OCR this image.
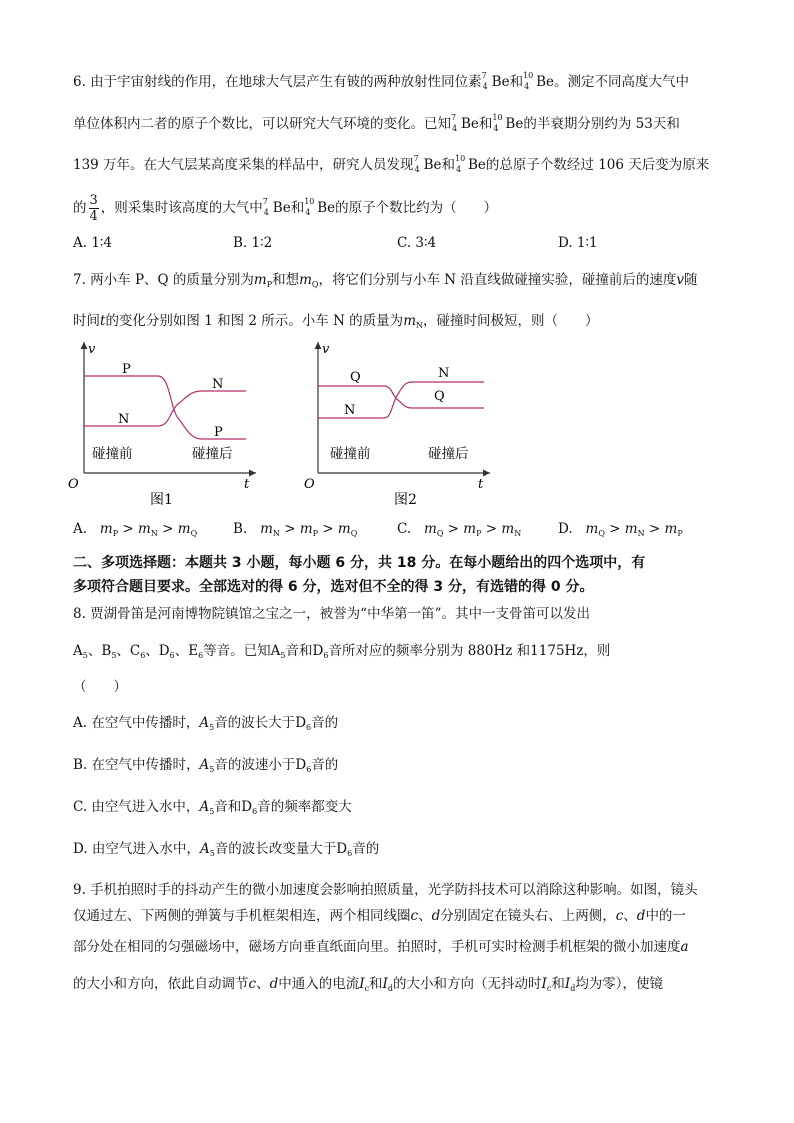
6. 由于宇宙射线的作用，在地球大气层产生有铍的两种放射性同位素 7
4 Be和 10
4 Be。测定不同高度大气中
单位体积内二者的原子个数比，可以研究大气环境的变化。已知 7
4 Be和 10
4 Be的半衰期分别约为 53天和
139 万年。在大气层某高度采集的样品中，研究人员发现 7
4 Be和 10
4 Be的总原子个数经过 106 天后变为原来
的 $\frac{3}{4}$ ，则采集时该高度的大气中 7
4 Be和 10
4 Be的原子个数比约为（　　）
A. 1∶4	B. 1∶2	C. 3∶4	D. 1∶1
7. 两小车 P、Q 的质量分别为$m_P$和想$m_Q$，将它们分别与小车 N 沿直线做碰撞实验，碰撞前后的速度v随
时间t的变化分别如图 1 和图 2 所示。小车 N 的质量为$m_N$，碰撞时间极短，则（　　）
v
t
O
P
N
N
P
碰撞前	碰撞后
图1
v
t
O
Q
N
N
Q
碰撞前	碰撞后
图2
A. $m_P > m_N > m_Q$	B. $m_N > m_P > m_Q$	C. $m_Q > m_P > m_N$	D. $m_Q > m_N > m_P$
二、多项选择题：本题共 3 小题，每小题 6 分，共 18 分。在每小题给出的四个选项中，有
多项符合题目要求。全部选对的得 6 分，选对但不全的得 3 分，有选错的得 0 分。
8. 贾湖骨笛是河南博物院镇馆之宝之一，被誉为“中华第一笛”。其中一支骨笛可以发出
$A_5$、$B_5$、$C_6$、$D_6$、$E_6$等音。已知$A_5$音和$D_6$音所对应的频率分别为 880Hz 和1175Hz，则
（　　）
A. 在空气中传播时，$A_5$音的波长大于$D_6$音的
B. 在空气中传播时，$A_5$音的波速小于$D_6$音的
C. 由空气进入水中，$A_5$音和$D_6$音的频率都变大
D. 由空气进入水中，$A_5$音的波长改变量大于$D_6$音的
9. 手机拍照时手的抖动产生的微小加速度会影响拍照质量，光学防抖技术可以消除这种影响。如图，镜头
仅通过左、下两侧的弹簧与手机框架相连，两个相同线圈c、d分别固定在镜头右、上两侧，c、d中的一
部分处在相同的匀强磁场中，磁场方向垂直纸面向里。拍照时，手机可实时检测手机框架的微小加速度a
的大小和方向，依此自动调节c、d中通入的电流$I_c$和$I_d$的大小和方向（无抖动时$I_c$和$I_d$均为零），使镜
